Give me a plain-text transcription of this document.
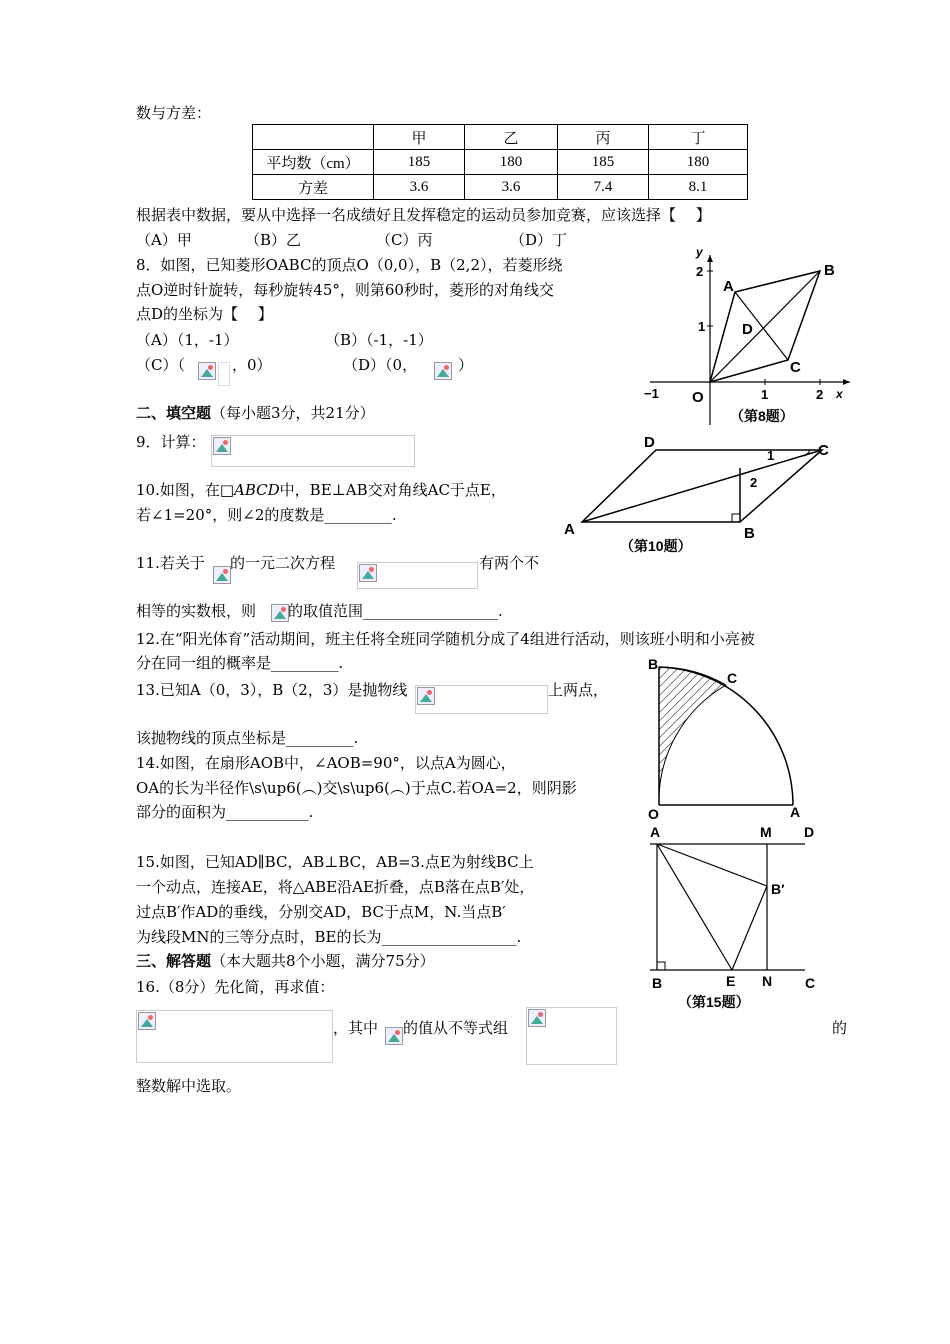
数与方差：
	甲	乙	丙	丁
平均数（cm）	185	180	185	180
方差	3.6	3.6	7.4	8.1
根据表中数据，要从中选择一名成绩好且发挥稳定的运动员参加竞赛，应该选择【　 】
（A）甲	（B）乙	（C）丙	（D）丁
8．如图，已知菱形OABC的顶点O（0,0），B（2,2），若菱形绕
点O逆时针旋转，每秒旋转45°，则第60秒时，菱形的对角线交
点D的坐标为【　 】
（A）（1，-1）	（B）（-1，-1）
（C）（	，0）	（D）（0，	）
y
x
2
1
−1 O	1	2
A
B
C
D
（第8题）
二、填空题（每小题3分，共21分）
9．计算：
10.如图，在□ABCD中，BE⊥AB交对角线AC于点E，
若∠1=20°，则∠2的度数是_________.
A	B
C
D
1
2
（第10题）
11.若关于 的一元二次方程	有两个不
相等的实数根，则 的取值范围__________________.
12.在“阳光体育”活动期间，班主任将全班同学随机分成了4组进行活动，则该班小明和小亮被
分在同一组的概率是_________.
13.已知A（0，3），B（2，3）是抛物线	上两点，
该抛物线的顶点坐标是_________.
B
C
O	A
14.如图，在扇形AOB中，∠AOB=90°，以点A为圆心，
OA的长为半径作\s\up6(︵)交\s\up6(︵)于点C.若OA=2，则阴影
部分的面积为___________.
A	M D
B′
B	E N C
（第15题）
15.如图，已知AD∥BC，AB⊥BC，AB=3.点E为射线BC上
一个动点，连接AE，将△ABE沿AE折叠，点B落在点B′处，
过点B′作AD的垂线，分别交AD，BC于点M，N.当点B′
为线段MN的三等分点时，BE的长为__________________.
三、解答题（本大题共8个小题，满分75分）
16.（8分）先化简，再求值：
，其中 的值从不等式组	的
整数解中选取。
